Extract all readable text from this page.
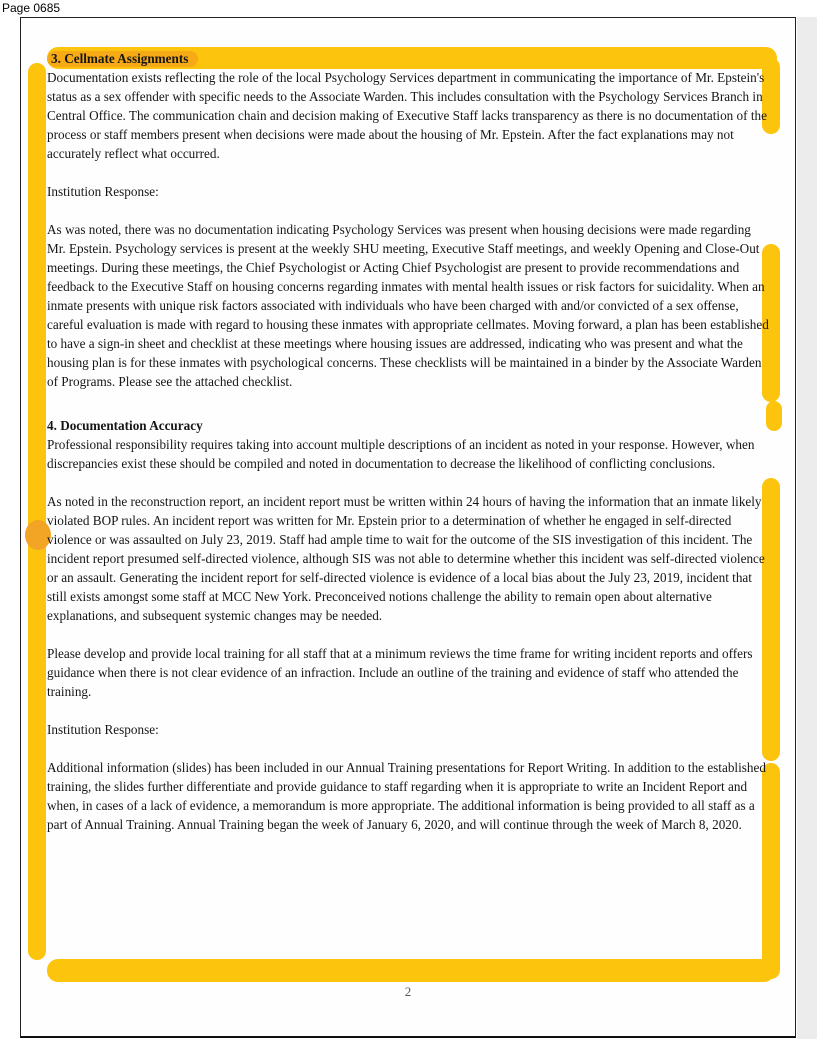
Page 0685
3. Cellmate Assignments

Documentation exists reflecting the role of the local Psychology Services department in communicating the importance of Mr. Epstein's status as a sex offender with specific needs to the Associate Warden. This includes consultation with the Psychology Services Branch in Central Office. The communication chain and decision making of Executive Staff lacks transparency as there is no documentation of the process or staff members present when decisions were made about the housing of Mr. Epstein. After the fact explanations may not accurately reflect what occurred.

Institution Response:

As was noted, there was no documentation indicating Psychology Services was present when housing decisions were made regarding Mr. Epstein. Psychology services is present at the weekly SHU meeting, Executive Staff meetings, and weekly Opening and Close-Out meetings. During these meetings, the Chief Psychologist or Acting Chief Psychologist are present to provide recommendations and feedback to the Executive Staff on housing concerns regarding inmates with mental health issues or risk factors for suicidality. When an inmate presents with unique risk factors associated with individuals who have been charged with and/or convicted of a sex offense, careful evaluation is made with regard to housing these inmates with appropriate cellmates. Moving forward, a plan has been established to have a sign-in sheet and checklist at these meetings where housing issues are addressed, indicating who was present and what the housing plan is for these inmates with psychological concerns. These checklists will be maintained in a binder by the Associate Warden of Programs. Please see the attached checklist.

4. Documentation Accuracy

Professional responsibility requires taking into account multiple descriptions of an incident as noted in your response. However, when discrepancies exist these should be compiled and noted in documentation to decrease the likelihood of conflicting conclusions.

As noted in the reconstruction report, an incident report must be written within 24 hours of having the information that an inmate likely violated BOP rules. An incident report was written for Mr. Epstein prior to a determination of whether he engaged in self-directed violence or was assaulted on July 23, 2019. Staff had ample time to wait for the outcome of the SIS investigation of this incident. The incident report presumed self-directed violence, although SIS was not able to determine whether this incident was self-directed violence or an assault. Generating the incident report for self-directed violence is evidence of a local bias about the July 23, 2019, incident that still exists amongst some staff at MCC New York. Preconceived notions challenge the ability to remain open about alternative explanations, and subsequent systemic changes may be needed.

Please develop and provide local training for all staff that at a minimum reviews the time frame for writing incident reports and offers guidance when there is not clear evidence of an infraction. Include an outline of the training and evidence of staff who attended the training.

Institution Response:

Additional information (slides) has been included in our Annual Training presentations for Report Writing. In addition to the established training, the slides further differentiate and provide guidance to staff regarding when it is appropriate to write an Incident Report and when, in cases of a lack of evidence, a memorandum is more appropriate. The additional information is being provided to all staff as a part of Annual Training. Annual Training began the week of January 6, 2020, and will continue through the week of March 8, 2020.

2
